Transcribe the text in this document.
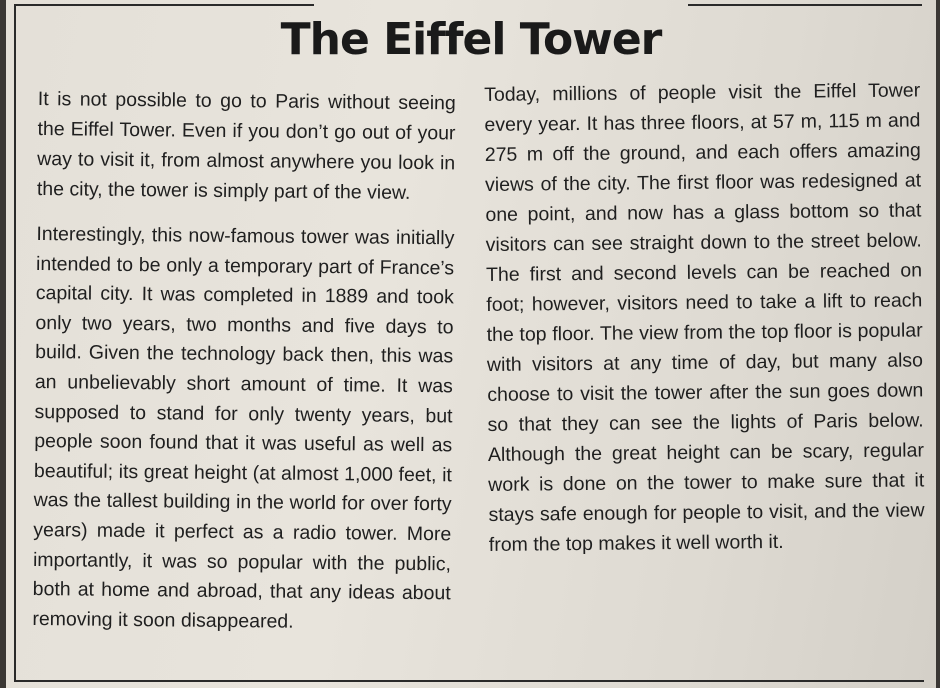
The Eiffel Tower

It is not possible to go to Paris without seeing the Eiffel Tower. Even if you don’t go out of your way to visit it, from almost anywhere you look in the city, the tower is simply part of the view.

Interestingly, this now-famous tower was initially intended to be only a temporary part of France’s capital city. It was completed in 1889 and took only two years, two months and five days to build. Given the technology back then, this was an unbelievably short amount of time. It was supposed to stand for only twenty years, but people soon found that it was useful as well as beautiful; its great height (at almost 1,000 feet, it was the tallest building in the world for over forty years) made it perfect as a radio tower. More importantly, it was so popular with the public, both at home and abroad, that any ideas about removing it soon disappeared.

Today, millions of people visit the Eiffel Tower every year. It has three floors, at 57 m, 115 m and 275 m off the ground, and each offers amazing views of the city. The first floor was redesigned at one point, and now has a glass bottom so that visitors can see straight down to the street below. The first and second levels can be reached on foot; however, visitors need to take a lift to reach the top floor. The view from the top floor is popular with visitors at any time of day, but many also choose to visit the tower after the sun goes down so that they can see the lights of Paris below. Although the great height can be scary, regular work is done on the tower to make sure that it stays safe enough for people to visit, and the view from the top makes it well worth it.
